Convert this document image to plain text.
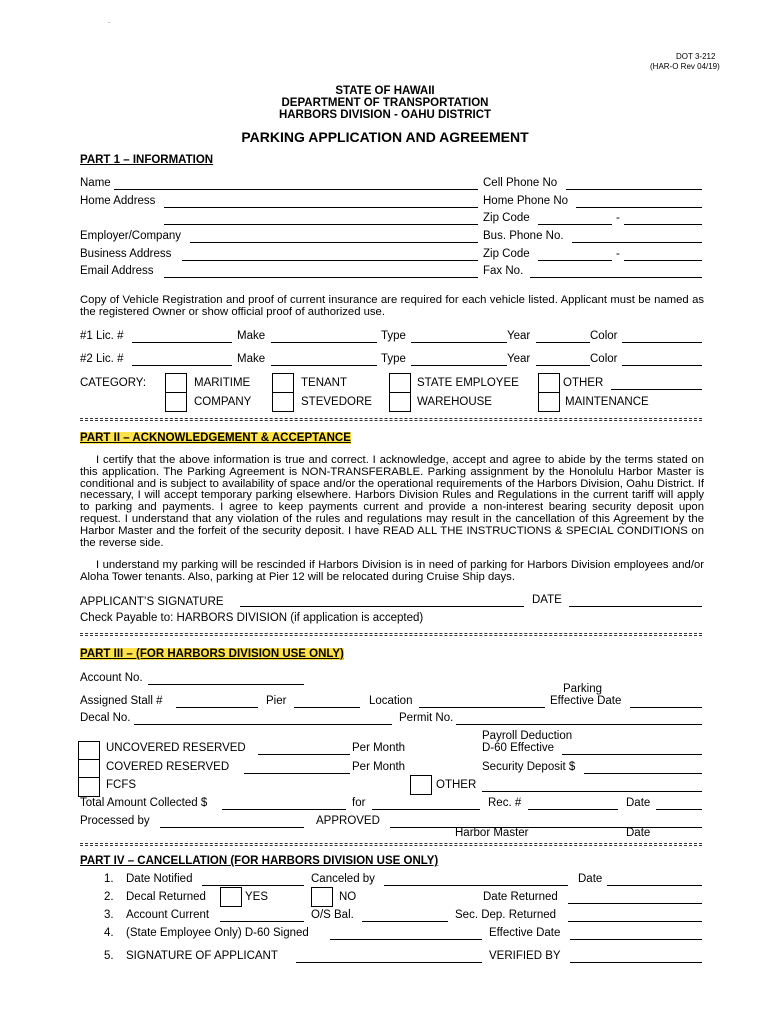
.
DOT 3-212
(HAR-O Rev 04/19)
STATE OF HAWAII
DEPARTMENT OF TRANSPORTATION
HARBORS DIVISION - OAHU DISTRICT
PARKING APPLICATION AND AGREEMENT
PART 1 – INFORMATION
Name	Cell Phone No
Home Address	Home Phone No
Zip Code	-
Employer/Company	Bus. Phone No.
Business Address	Zip Code	-
Email Address	Fax No.
Copy of Vehicle Registration and proof of current insurance are required for each vehicle listed. Applicant must be named as the registered Owner or show official proof of authorized use.
#1 Lic. #	Make	Type	Year	Color
#2 Lic. #	Make	Type	Year	Color
CATEGORY:	MARITIME	TENANT	STATE EMPLOYEE	OTHER
COMPANY	STEVEDORE	WAREHOUSE	MAINTENANCE
PART II – ACKNOWLEDGEMENT & ACCEPTANCE
I certify that the above information is true and correct. I acknowledge, accept and agree to abide by the terms stated on this application. The Parking Agreement is NON-TRANSFERABLE. Parking assignment by the Honolulu Harbor Master is conditional and is subject to availability of space and/or the operational requirements of the Harbors Division, Oahu District. If necessary, I will accept temporary parking elsewhere. Harbors Division Rules and Regulations in the current tariff will apply to parking and payments. I agree to keep payments current and provide a non-interest bearing security deposit upon request. I understand that any violation of the rules and regulations may result in the cancellation of this Agreement by the Harbor Master and the forfeit of the security deposit. I have READ ALL THE INSTRUCTIONS & SPECIAL CONDITIONS on the reverse side.
I understand my parking will be rescinded if Harbors Division is in need of parking for Harbors Division employees and/or Aloha Tower tenants. Also, parking at Pier 12 will be relocated during Cruise Ship days.
APPLICANT’S SIGNATURE	DATE
Check Payable to: HARBORS DIVISION (if application is accepted)
PART III – (FOR HARBORS DIVISION USE ONLY)
Account No.
Parking
Assigned Stall #	Pier	Location	Effective Date
Decal No.	Permit No.
Payroll Deduction
UNCOVERED RESERVED	Per Month	D-60 Effective
COVERED RESERVED	Per Month	Security Deposit $
FCFS	OTHER
Total Amount Collected $	for	Rec. #	Date
Processed by	APPROVED
Harbor Master	Date
PART IV – CANCELLATION (FOR HARBORS DIVISION USE ONLY)
1. Date Notified	Canceled by	Date
2. Decal Returned	YES	NO	Date Returned
3. Account Current	O/S Bal.	Sec. Dep. Returned
4. (State Employee Only) D-60 Signed	Effective Date
5. SIGNATURE OF APPLICANT	VERIFIED BY
